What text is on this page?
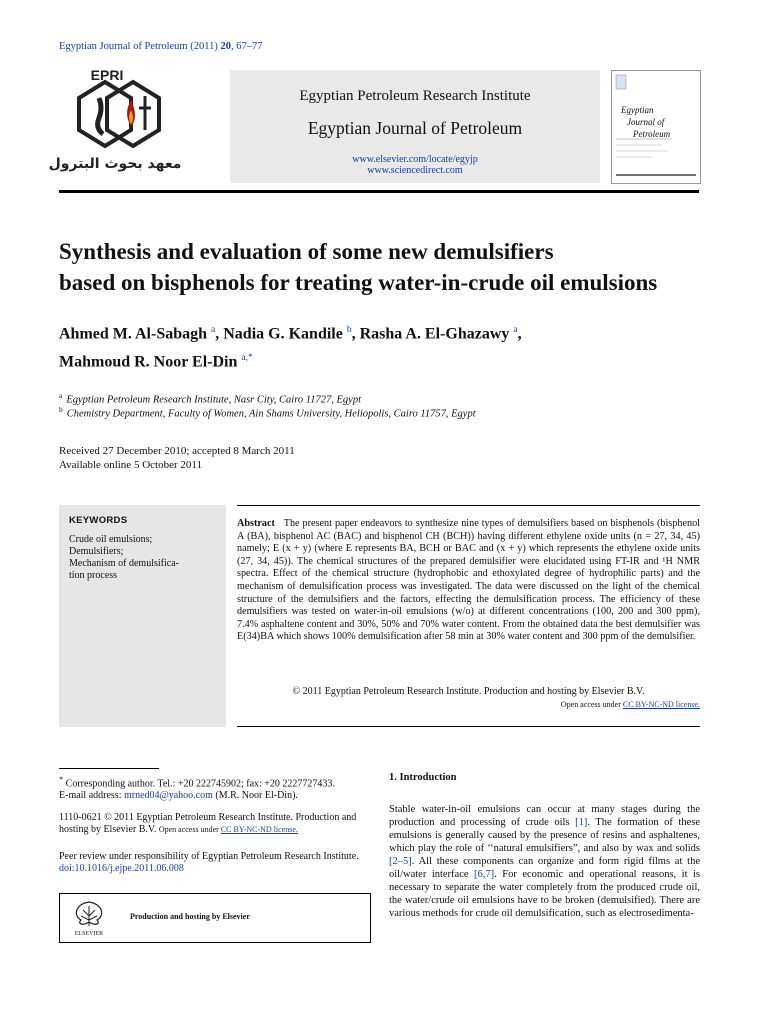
Egyptian Journal of Petroleum (2011) 20, 67–77
EPRI
معهد بحوث البترول
Egyptian Petroleum Research Institute
Egyptian Journal of Petroleum
www.elsevier.com/locate/egyjp
www.sciencedirect.com
Egyptian
Journal of
Petroleum
Synthesis and evaluation of some new demulsifiers
based on bisphenols for treating water-in-crude oil emulsions
Ahmed M. Al-Sabagh $^a$, Nadia G. Kandile $^b$, Rasha A. El-Ghazawy $^a$,
Mahmoud R. Noor El-Din $^{a,*}$
$^a$ Egyptian Petroleum Research Institute, Nasr City, Cairo 11727, Egypt
$^b$ Chemistry Department, Faculty of Women, Ain Shams University, Heliopolis, Cairo 11757, Egypt
Received 27 December 2010; accepted 8 March 2011
Available online 5 October 2011
KEYWORDS
Crude oil emulsions;
Demulsifiers;
Mechanism of demulsifica-
tion process
Abstract The present paper endeavors to synthesize nine types of demulsifiers based on bisphenols (bisphenol A (BA), bisphenol AC (BAC) and bisphenol CH (BCH)) having different ethylene oxide units (n = 27, 34, 45) namely; E (x + y) (where E represents BA, BCH or BAC and (x + y) which represents the ethylene oxide units (27, 34, 45)). The chemical structures of the prepared demulsifier were elucidated using FT-IR and ¹H NMR spectra. Effect of the chemical structure (hydrophobic and ethoxylated degree of hydrophilic parts) and the mechanism of demulsification process was investigated. The data were discussed on the light of the chemical structure of the demulsifiers and the factors, effecting the demulsification process. The efficiency of these demulsifiers was tested on water-in-oil emulsions (w/o) at different concentrations (100, 200 and 300 ppm), 7.4% asphaltene content and 30%, 50% and 70% water content. From the obtained data the best demulsifier was E(34)BA which shows 100% demulsification after 58 min at 30% water content and 300 ppm of the demulsifier.
© 2011 Egyptian Petroleum Research Institute. Production and hosting by Elsevier B.V.
Open access under CC BY-NC-ND license.
* Corresponding author. Tel.: +20 222745902; fax: +20 2227727433.
E-mail address: mrned04@yahoo.com (M.R. Noor El-Din).
1110-0621 © 2011 Egyptian Petroleum Research Institute. Production and hosting by Elsevier B.V. Open access under CC BY-NC-ND license.
Peer review under responsibility of Egyptian Petroleum Research Institute.
doi:10.1016/j.ejpe.2011.06.008
ELSEVIER
Production and hosting by Elsevier
1. Introduction
Stable water-in-oil emulsions can occur at many stages during the production and processing of crude oils [1]. The formation of these emulsions is generally caused by the presence of resins and asphaltenes, which play the role of ‘‘natural emulsifiers”, and also by wax and solids [2–5]. All these components can organize and form rigid films at the oil/water interface [6,7]. For economic and operational reasons, it is necessary to separate the water completely from the produced crude oil, the water/crude oil emulsions have to be broken (demulsified). There are various methods for crude oil demulsification, such as electrosedimenta-
